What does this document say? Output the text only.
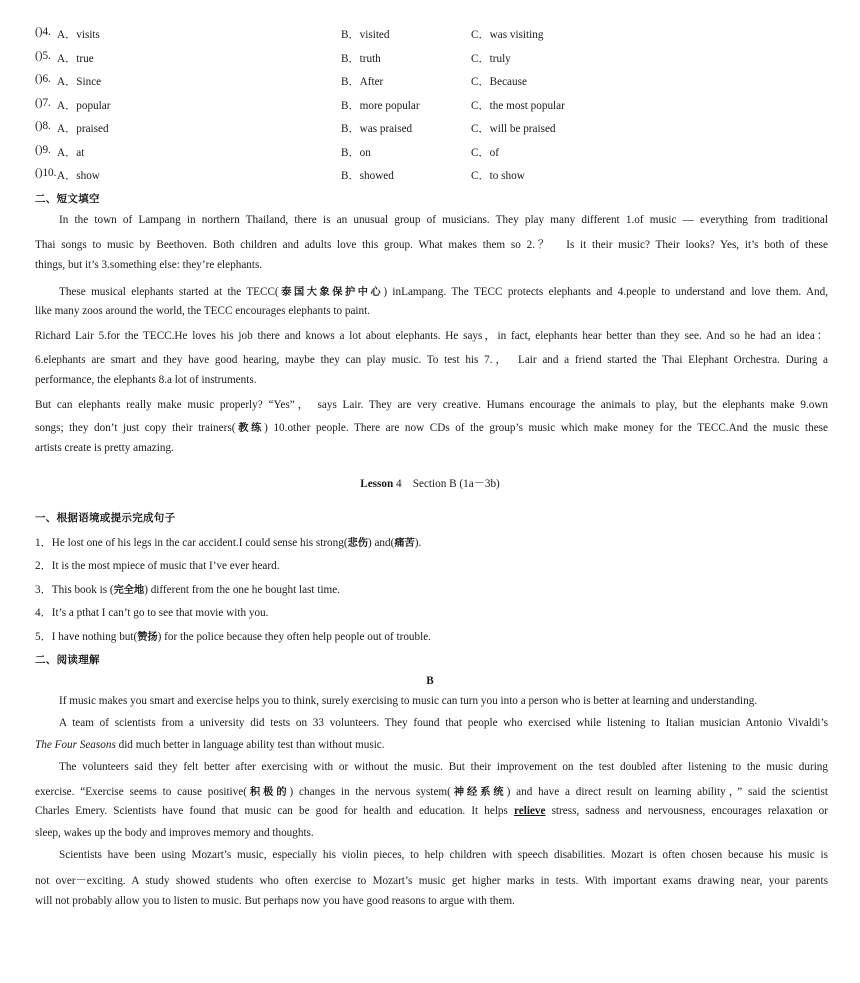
()4. A．visits	B．visited	C．was visiting
()5. A．true	B．truth	C．truly
()6. A．Since	B．After	C．Because
()7. A．popular	B．more popular	C．the most popular
()8. A．praised	B．was praised	C．will be praised
()9. A．at	B．on	C．of
()10. A．show	B．showed	C．to show
二、短文填空
In the town of Lampang in northern Thailand, there is an unusual group of musicians. They play many different 1.of music — everything from traditional
Thai songs to music by Beethoven. Both children and adults love this group. What makes them so 2.？　Is it their music? Their looks? Yes, it’s both of these
things, but it’s 3.something else: they’re elephants.
These musical elephants started at the TECC(泰国大象保护中心) inLampang. The TECC protects elephants and 4.people to understand and love them. And,
like many zoos around the world, the TECC encourages elephants to paint.
Richard Lair 5.for the TECC.He loves his job there and knows a lot about elephants. He says，in fact, elephants hear better than they see. And so he had an idea：
6.elephants are smart and they have good hearing, maybe they can play music. To test his 7.，　Lair and a friend started the Thai Elephant Orchestra. During a
performance, the elephants 8.a lot of instruments.
But can elephants really make music properly? “Yes”， says Lair. They are very creative. Humans encourage the animals to play, but the elephants make 9.own
songs; they don’t just copy their trainers(教练) 10.other people. There are now CDs of the group’s music which make money for the TECC.And the music these
artists create is pretty amazing.
Lesson 4 Section B (1a－3b)
一、根据语境或提示完成句子
1．He lost one of his legs in the car accident.I could sense his strong(悲伤) and(痛苦).
2．It is the most mpiece of music that I’ve ever heard.
3．This book is (完全地) different from the one he bought last time.
4．It’s a pthat I can’t go to see that movie with you.
5．I have nothing but(赞扬) for the police because they often help people out of trouble.
二、阅读理解
B
If music makes you smart and exercise helps you to think, surely exercising to music can turn you into a person who is better at learning and understanding.
A team of scientists from a university did tests on 33 volunteers. They found that people who exercised while listening to Italian musician Antonio Vivaldi’s
The Four Seasons did much better in language ability test than without music.
The volunteers said they felt better after exercising with or without the music. But their improvement on the test doubled after listening to the music during
exercise. “Exercise seems to cause positive(积极的) changes in the nervous system(神经系统) and have a direct result on learning ability，” said the scientist
Charles Emery. Scientists have found that music can be good for health and education. It helps relieve stress, sadness and nervousness, encourages relaxation or
sleep, wakes up the body and improves memory and thoughts.
Scientists have been using Mozart’s music, especially his violin pieces, to help children with speech disabilities. Mozart is often chosen because his music is
not over－exciting. A study showed students who often exercise to Mozart’s music get higher marks in tests. With important exams drawing near, your parents
will not probably allow you to listen to music. But perhaps now you have good reasons to argue with them.
